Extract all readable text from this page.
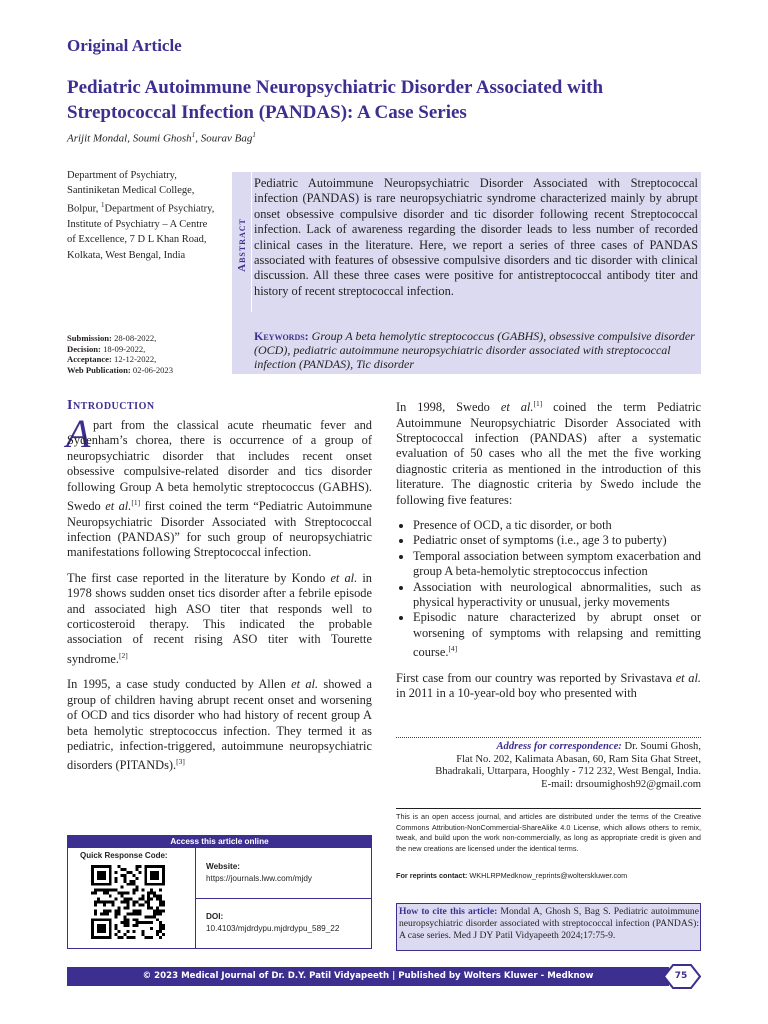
Original Article
Pediatric Autoimmune Neuropsychiatric Disorder Associated with Streptococcal Infection (PANDAS): A Case Series
Arijit Mondal, Soumi Ghosh$^1$, Sourav Bag$^1$
Department of Psychiatry, Santiniketan Medical College, Bolpur, $^1$Department of Psychiatry, Institute of Psychiatry – A Centre of Excellence, 7 D L Khan Road, Kolkata, West Bengal, India	Abstract
Pediatric Autoimmune Neuropsychiatric Disorder Associated with Streptococcal infection (PANDAS) is rare neuropsychiatric syndrome characterized mainly by abrupt onset obsessive compulsive disorder and tic disorder following recent Streptococcal infection. Lack of awareness regarding the disorder leads to less number of recorded clinical cases in the literature. Here, we report a series of three cases of PANDAS associated with features of obsessive compulsive disorders and tic disorder with clinical discussion. All these three cases were positive for antistreptococcal antibody titer and history of recent streptococcal infection.
Keywords: Group A beta hemolytic streptococcus (GABHS), obsessive compulsive disorder (OCD), pediatric autoimmune neuropsychiatric disorder associated with streptococcal infection (PANDAS), Tic disorder
Submission: 28-08-2022,
Decision: 18-09-2022,
Acceptance: 12-12-2022,
Web Publication: 02-06-2023
Introduction
A part from the classical acute rheumatic fever and Sydenham’s chorea, there is occurrence of a group of neuropsychiatric disorder that includes recent onset obsessive compulsive-related disorder and tics disorder following Group A beta hemolytic streptococcus (GABHS). Swedo et al.[1] first coined the term “Pediatric Autoimmune Neuropsychiatric Disorder Associated with Streptococcal infection (PANDAS)” for such group of neuropsychiatric manifestations following Streptococcal infection.

The first case reported in the literature by Kondo et al. in 1978 shows sudden onset tics disorder after a febrile episode and associated high ASO titer that responds well to corticosteroid therapy. This indicated the probable association of recent rising ASO titer with Tourette syndrome.[2]

In 1995, a case study conducted by Allen et al. showed a group of children having abrupt recent onset and worsening of OCD and tics disorder who had history of recent group A beta hemolytic streptococcus infection. They termed it as pediatric, infection-triggered, autoimmune neuropsychiatric disorders (PITANDs).[3]

In 1998, Swedo et al.[1] coined the term Pediatric Autoimmune Neuropsychiatric Disorder Associated with Streptococcal infection (PANDAS) after a systematic evaluation of 50 cases who all the met the five working diagnostic criteria as mentioned in the introduction of this literature. The diagnostic criteria by Swedo include the following five features:

• Presence of OCD, a tic disorder, or both
• Pediatric onset of symptoms (i.e., age 3 to puberty)
• Temporal association between symptom exacerbation and group A beta-hemolytic streptococcus infection
• Association with neurological abnormalities, such as physical hyperactivity or unusual, jerky movements
• Episodic nature characterized by abrupt onset or worsening of symptoms with relapsing and remitting course.[4]

First case from our country was reported by Srivastava et al. in 2011 in a 10-year-old boy who presented with

Address for correspondence: Dr. Soumi Ghosh,
Flat No. 202, Kalimata Abasan, 60, Ram Sita Ghat Street,
Bhadrakali, Uttarpara, Hooghly - 712 232, West Bengal, India.
E-mail: drsoumighosh92@gmail.com
This is an open access journal, and articles are distributed under the terms of the Creative Commons Attribution-NonCommercial-ShareAlike 4.0 License, which allows others to remix, tweak, and build upon the work non-commercially, as long as appropriate credit is given and the new creations are licensed under the identical terms.
For reprints contact: WKHLRPMedknow_reprints@wolterskluwer.com
How to cite this article: Mondal A, Ghosh S, Bag S. Pediatric autoimmune neuropsychiatric disorder associated with streptococcal infection (PANDAS): A case series. Med J DY Patil Vidyapeeth 2024;17:75-9.
Access this article online
Quick Response Code:
Website:
https://journals.lww.com/mjdy
DOI:
10.4103/mjdrdypu.mjdrdypu_589_22
© 2023 Medical Journal of Dr. D.Y. Patil Vidyapeeth | Published by Wolters Kluwer - Medknow	75
